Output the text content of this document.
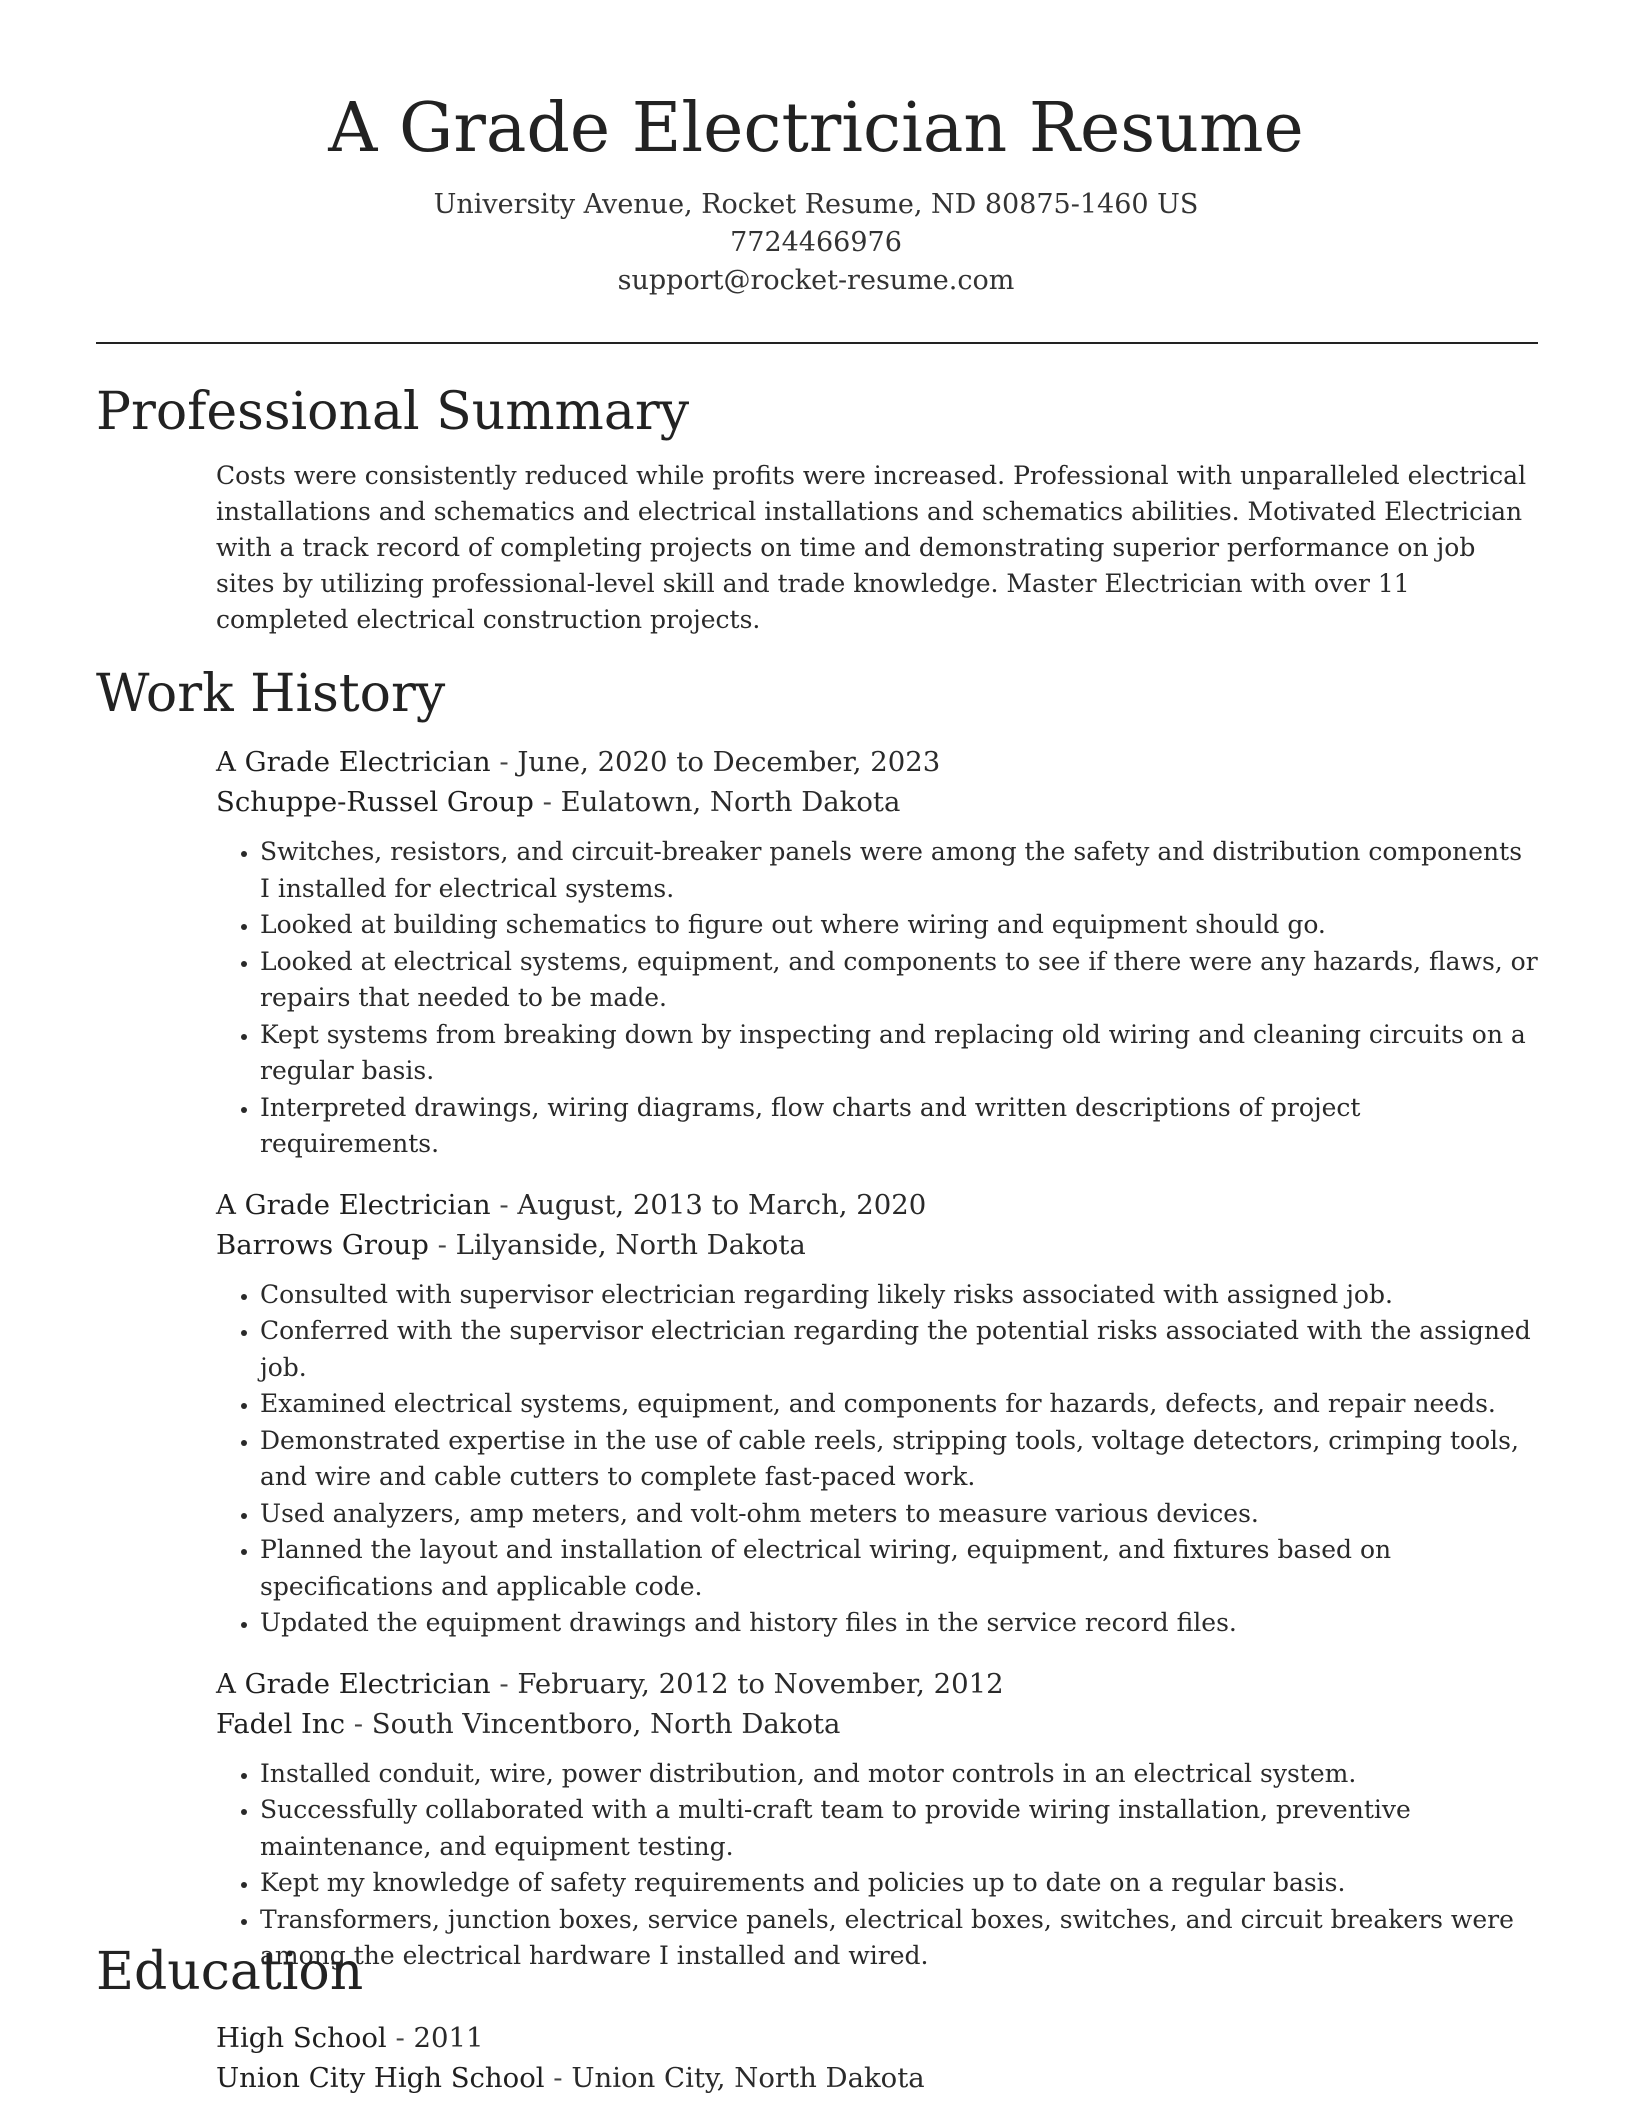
A Grade Electrician Resume
University Avenue, Rocket Resume, ND 80875-1460 US
7724466976
support@rocket-resume.com
Professional Summary
Costs were consistently reduced while profits were increased. Professional with unparalleled electrical installations and schematics and electrical installations and schematics abilities. Motivated Electrician with a track record of completing projects on time and demonstrating superior performance on job sites by utilizing professional-level skill and trade knowledge. Master Electrician with over 11 completed electrical construction projects.
Work History
A Grade Electrician - June, 2020 to December, 2023
Schuppe-Russel Group - Eulatown, North Dakota
• Switches, resistors, and circuit-breaker panels were among the safety and distribution components I installed for electrical systems.
• Looked at building schematics to figure out where wiring and equipment should go.
• Looked at electrical systems, equipment, and components to see if there were any hazards, flaws, or repairs that needed to be made.
• Kept systems from breaking down by inspecting and replacing old wiring and cleaning circuits on a regular basis.
• Interpreted drawings, wiring diagrams, flow charts and written descriptions of project requirements.
A Grade Electrician - August, 2013 to March, 2020
Barrows Group - Lilyanside, North Dakota
• Consulted with supervisor electrician regarding likely risks associated with assigned job.
• Conferred with the supervisor electrician regarding the potential risks associated with the assigned job.
• Examined electrical systems, equipment, and components for hazards, defects, and repair needs.
• Demonstrated expertise in the use of cable reels, stripping tools, voltage detectors, crimping tools, and wire and cable cutters to complete fast-paced work.
• Used analyzers, amp meters, and volt-ohm meters to measure various devices.
• Planned the layout and installation of electrical wiring, equipment, and fixtures based on specifications and applicable code.
• Updated the equipment drawings and history files in the service record files.
A Grade Electrician - February, 2012 to November, 2012
Fadel Inc - South Vincentboro, North Dakota
• Installed conduit, wire, power distribution, and motor controls in an electrical system.
• Successfully collaborated with a multi-craft team to provide wiring installation, preventive maintenance, and equipment testing.
• Kept my knowledge of safety requirements and policies up to date on a regular basis.
• Transformers, junction boxes, service panels, electrical boxes, switches, and circuit breakers were among the electrical hardware I installed and wired.
Education
High School - 2011
Union City High School - Union City, North Dakota
